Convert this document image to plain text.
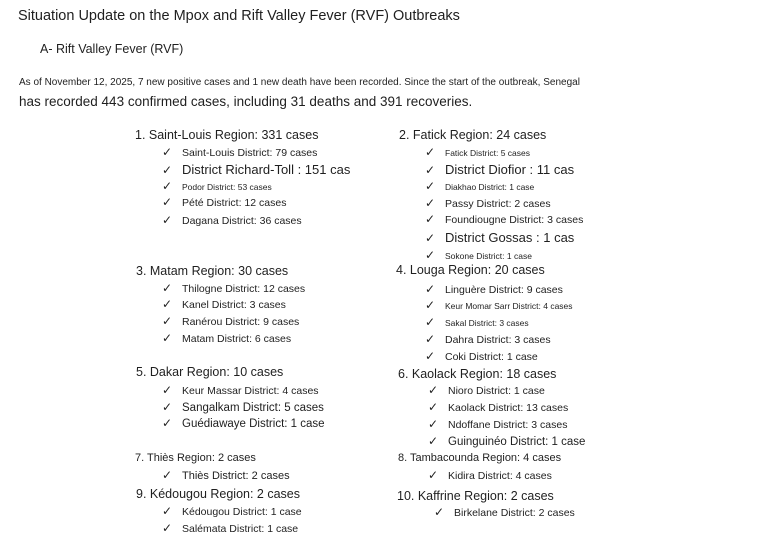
Situation Update on the Mpox and Rift Valley Fever (RVF) Outbreaks
A- Rift Valley Fever (RVF)
As of November 12, 2025, 7 new positive cases and 1 new death have been recorded. Since the start of the outbreak, Senegal
has recorded 443 confirmed cases, including 31 deaths and 391 recoveries.
1. Saint-Louis Region: 331 cases
✓ Saint-Louis District: 79 cases
✓ District Richard-Toll : 151 cas
✓ Podor District: 53 cases
✓ Pété District: 12 cases
✓ Dagana District: 36 cases
2. Fatick Region: 24 cases
✓ Fatick District: 5 cases
✓ District Diofior : 11 cas
✓ Diakhao District: 1 case
✓ Passy District: 2 cases
✓ Foundiougne District: 3 cases
✓ District Gossas : 1 cas
✓ Sokone District: 1 case
3. Matam Region: 30 cases
✓ Thilogne District: 12 cases
✓ Kanel District: 3 cases
✓ Ranérou District: 9 cases
✓ Matam District: 6 cases
4. Louga Region: 20 cases
✓ Linguère District: 9 cases
✓ Keur Momar Sarr District: 4 cases
✓ Sakal District: 3 cases
✓ Dahra District: 3 cases
✓ Coki District: 1 case
5. Dakar Region: 10 cases
✓ Keur Massar District: 4 cases
✓ Sangalkam District: 5 cases
✓ Guédiawaye District: 1 case
6. Kaolack Region: 18 cases
✓ Nioro District: 1 case
✓ Kaolack District: 13 cases
✓ Ndoffane District: 3 cases
✓ Guinguinéo District: 1 case
7. Thiès Region: 2 cases
✓ Thiès District: 2 cases
8. Tambacounda Region: 4 cases
✓ Kidira District: 4 cases
9. Kédougou Region: 2 cases
✓ Kédougou District: 1 case
✓ Salémata District: 1 case
10. Kaffrine Region: 2 cases
✓ Birkelane District: 2 cases
